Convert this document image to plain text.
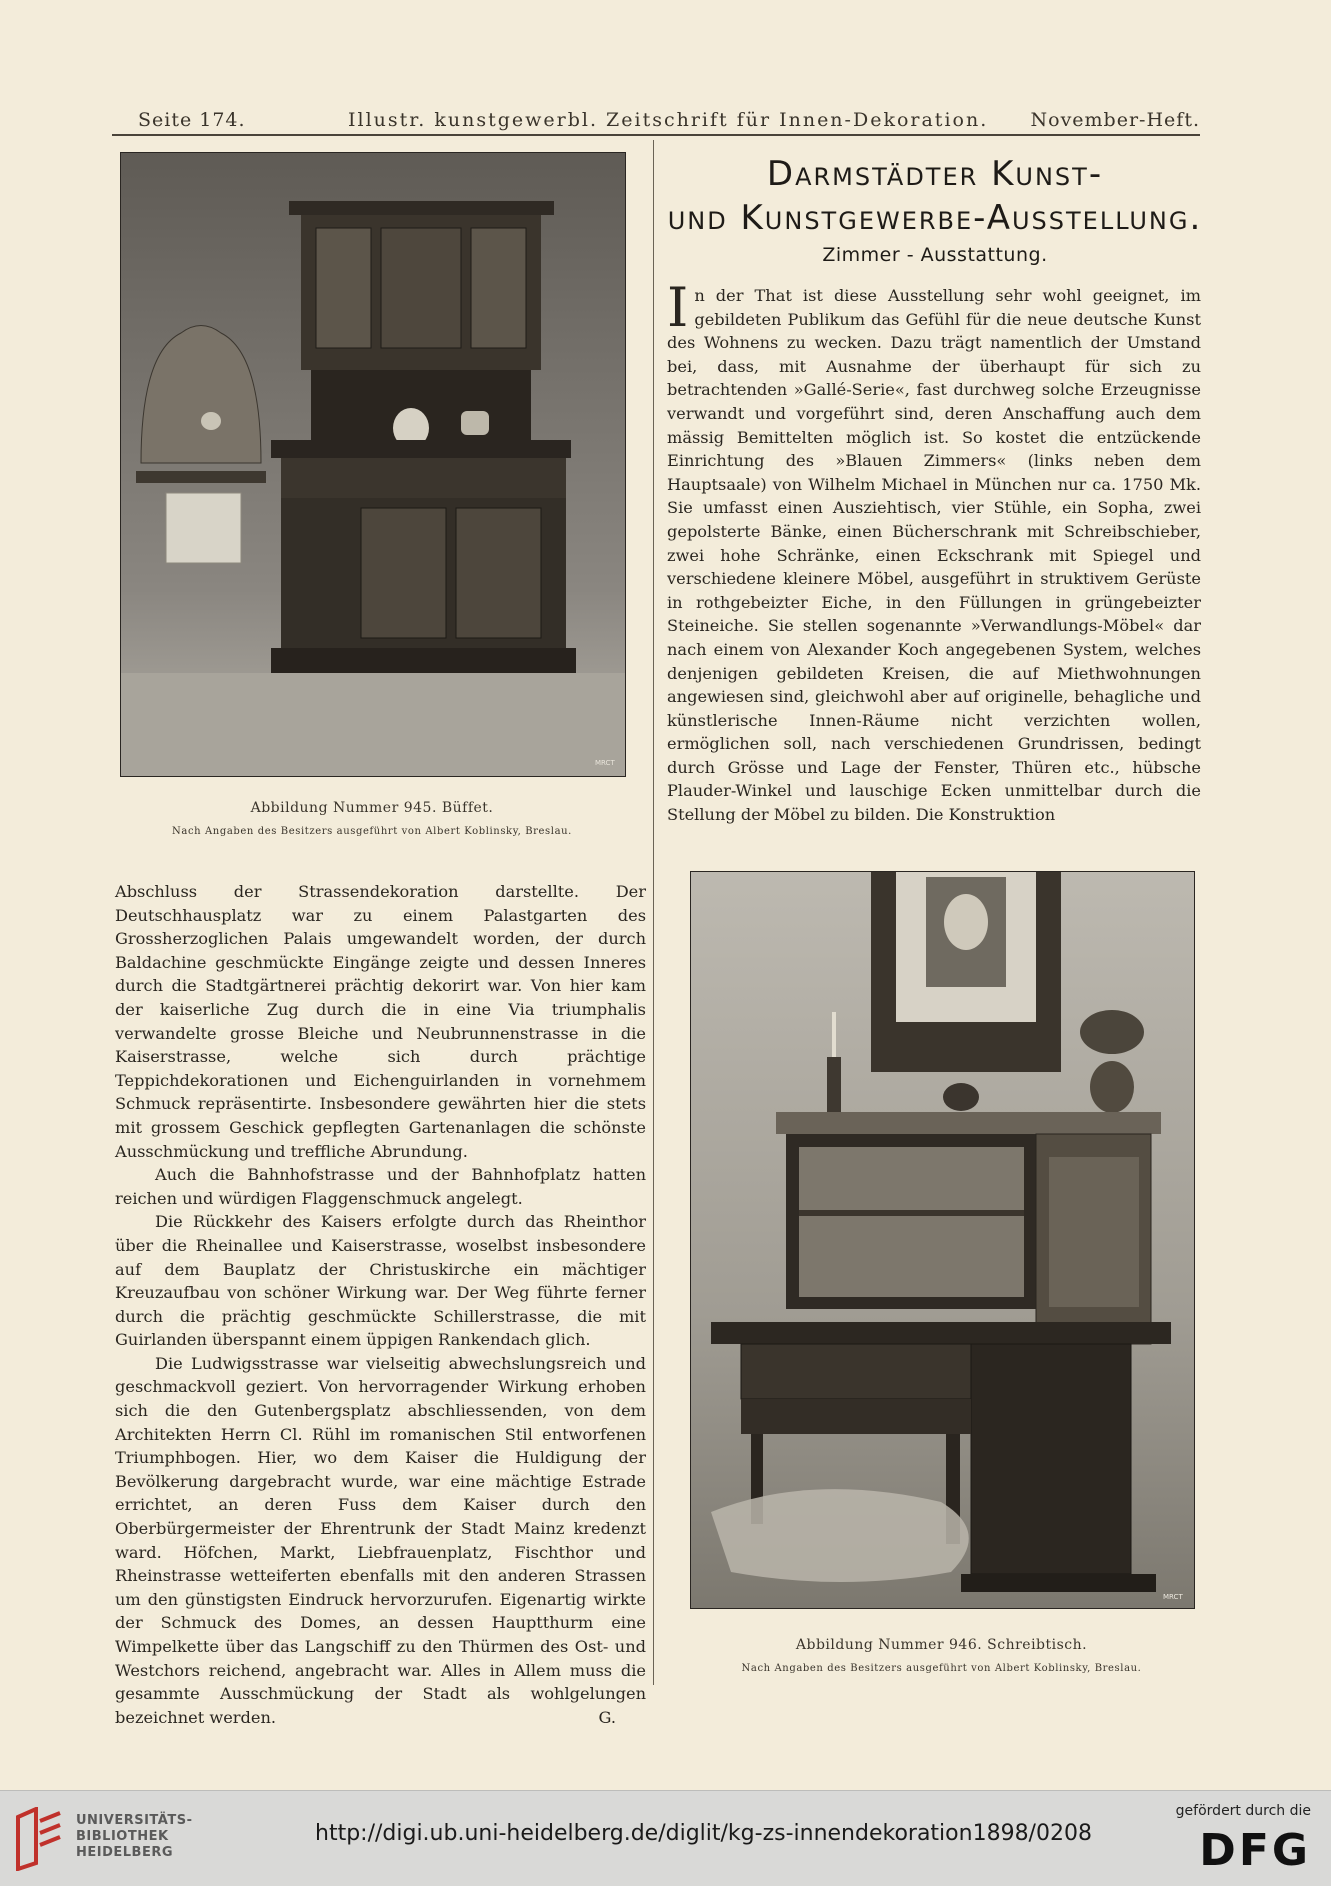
Seite 174.	Illustr. kunstgewerbl. Zeitschrift für Innen-Dekoration. November-Heft.
MRCT
Abbildung Nummer 945. Büffet.
Nach Angaben des Besitzers ausgeführt von Albert Koblinsky, Breslau.
Darmstädter Kunst-
und Kunstgewerbe-Ausstellung.
Zimmer - Ausstattung.

In der That ist diese Ausstellung sehr wohl geeignet, im gebildeten Publikum das Gefühl für die neue deutsche Kunst des Wohnens zu wecken. Dazu trägt namentlich der Umstand bei, dass, mit Ausnahme der überhaupt für sich zu betrachtenden »Gallé-Serie«, fast durchweg solche Erzeugnisse verwandt und vorgeführt sind, deren Anschaffung auch dem mässig Bemittelten möglich ist. So kostet die entzückende Einrichtung des »Blauen Zimmers« (links neben dem Hauptsaale) von Wilhelm Michael in München nur ca. 1750 Mk. Sie umfasst einen Ausziehtisch, vier Stühle, ein Sopha, zwei gepolsterte Bänke, einen Bücherschrank mit Schreibschieber, zwei hohe Schränke, einen Eckschrank mit Spiegel und verschiedene kleinere Möbel, ausgeführt in struktivem Gerüste in rothgebeizter Eiche, in den Füllungen in grüngebeizter Steineiche. Sie stellen sogenannte »Verwandlungs-Möbel« dar nach einem von Alexander Koch angegebenen System, welches denjenigen gebildeten Kreisen, die auf Miethwohnungen angewiesen sind, gleichwohl aber auf originelle, behagliche und künstlerische Innen-Räume nicht verzichten wollen, ermöglichen soll, nach verschiedenen Grundrissen, bedingt durch Grösse und Lage der Fenster, Thüren etc., hübsche Plauder-Winkel und lauschige Ecken unmittelbar durch die Stellung der Möbel zu bilden. Die Konstruktion

Abschluss der Strassendekoration darstellte. Der Deutschhausplatz war zu einem Palastgarten des Grossherzoglichen Palais umgewandelt worden, der durch Baldachine geschmückte Eingänge zeigte und dessen Inneres durch die Stadtgärtnerei prächtig dekorirt war. Von hier kam der kaiserliche Zug durch die in eine Via triumphalis verwandelte grosse Bleiche und Neubrunnenstrasse in die Kaiserstrasse, welche sich durch prächtige Teppichdekorationen und Eichenguirlanden in vornehmem Schmuck repräsentirte. Insbesondere gewährten hier die stets mit grossem Geschick gepflegten Gartenanlagen die schönste Ausschmückung und treffliche Abrundung.

Auch die Bahnhofstrasse und der Bahnhofplatz hatten reichen und würdigen Flaggenschmuck angelegt.

Die Rückkehr des Kaisers erfolgte durch das Rheinthor über die Rheinallee und Kaiserstrasse, woselbst insbesondere auf dem Bauplatz der Christuskirche ein mächtiger Kreuzaufbau von schöner Wirkung war. Der Weg führte ferner durch die prächtig geschmückte Schillerstrasse, die mit Guirlanden überspannt einem üppigen Rankendach glich.

Die Ludwigsstrasse war vielseitig abwechslungsreich und geschmackvoll geziert. Von hervorragender Wirkung erhoben sich die den Gutenbergsplatz abschliessenden, von dem Architekten Herrn Cl. Rühl im romanischen Stil entworfenen Triumphbogen. Hier, wo dem Kaiser die Huldigung der Bevölkerung dargebracht wurde, war eine mächtige Estrade errichtet, an deren Fuss dem Kaiser durch den Oberbürgermeister der Ehrentrunk der Stadt Mainz kredenzt ward. Höfchen, Markt, Liebfrauenplatz, Fischthor und Rheinstrasse wetteiferten ebenfalls mit den anderen Strassen um den günstigsten Eindruck hervorzurufen. Eigenartig wirkte der Schmuck des Domes, an dessen Hauptthurm eine Wimpelkette über das Langschiff zu den Thürmen des Ost- und Westchors reichend, angebracht war. Alles in Allem muss die gesammte Ausschmückung der Stadt als wohlgelungen bezeichnet werden.	G.

MRCT
Abbildung Nummer 946. Schreibtisch.
Nach Angaben des Besitzers ausgeführt von Albert Koblinsky, Breslau.
UNIVERSITÄTS-
BIBLIOTHEK
HEIDELBERG
http://digi.ub.uni-heidelberg.de/diglit/kg-zs-innendekoration1898/0208
gefördert durch die
DFG
